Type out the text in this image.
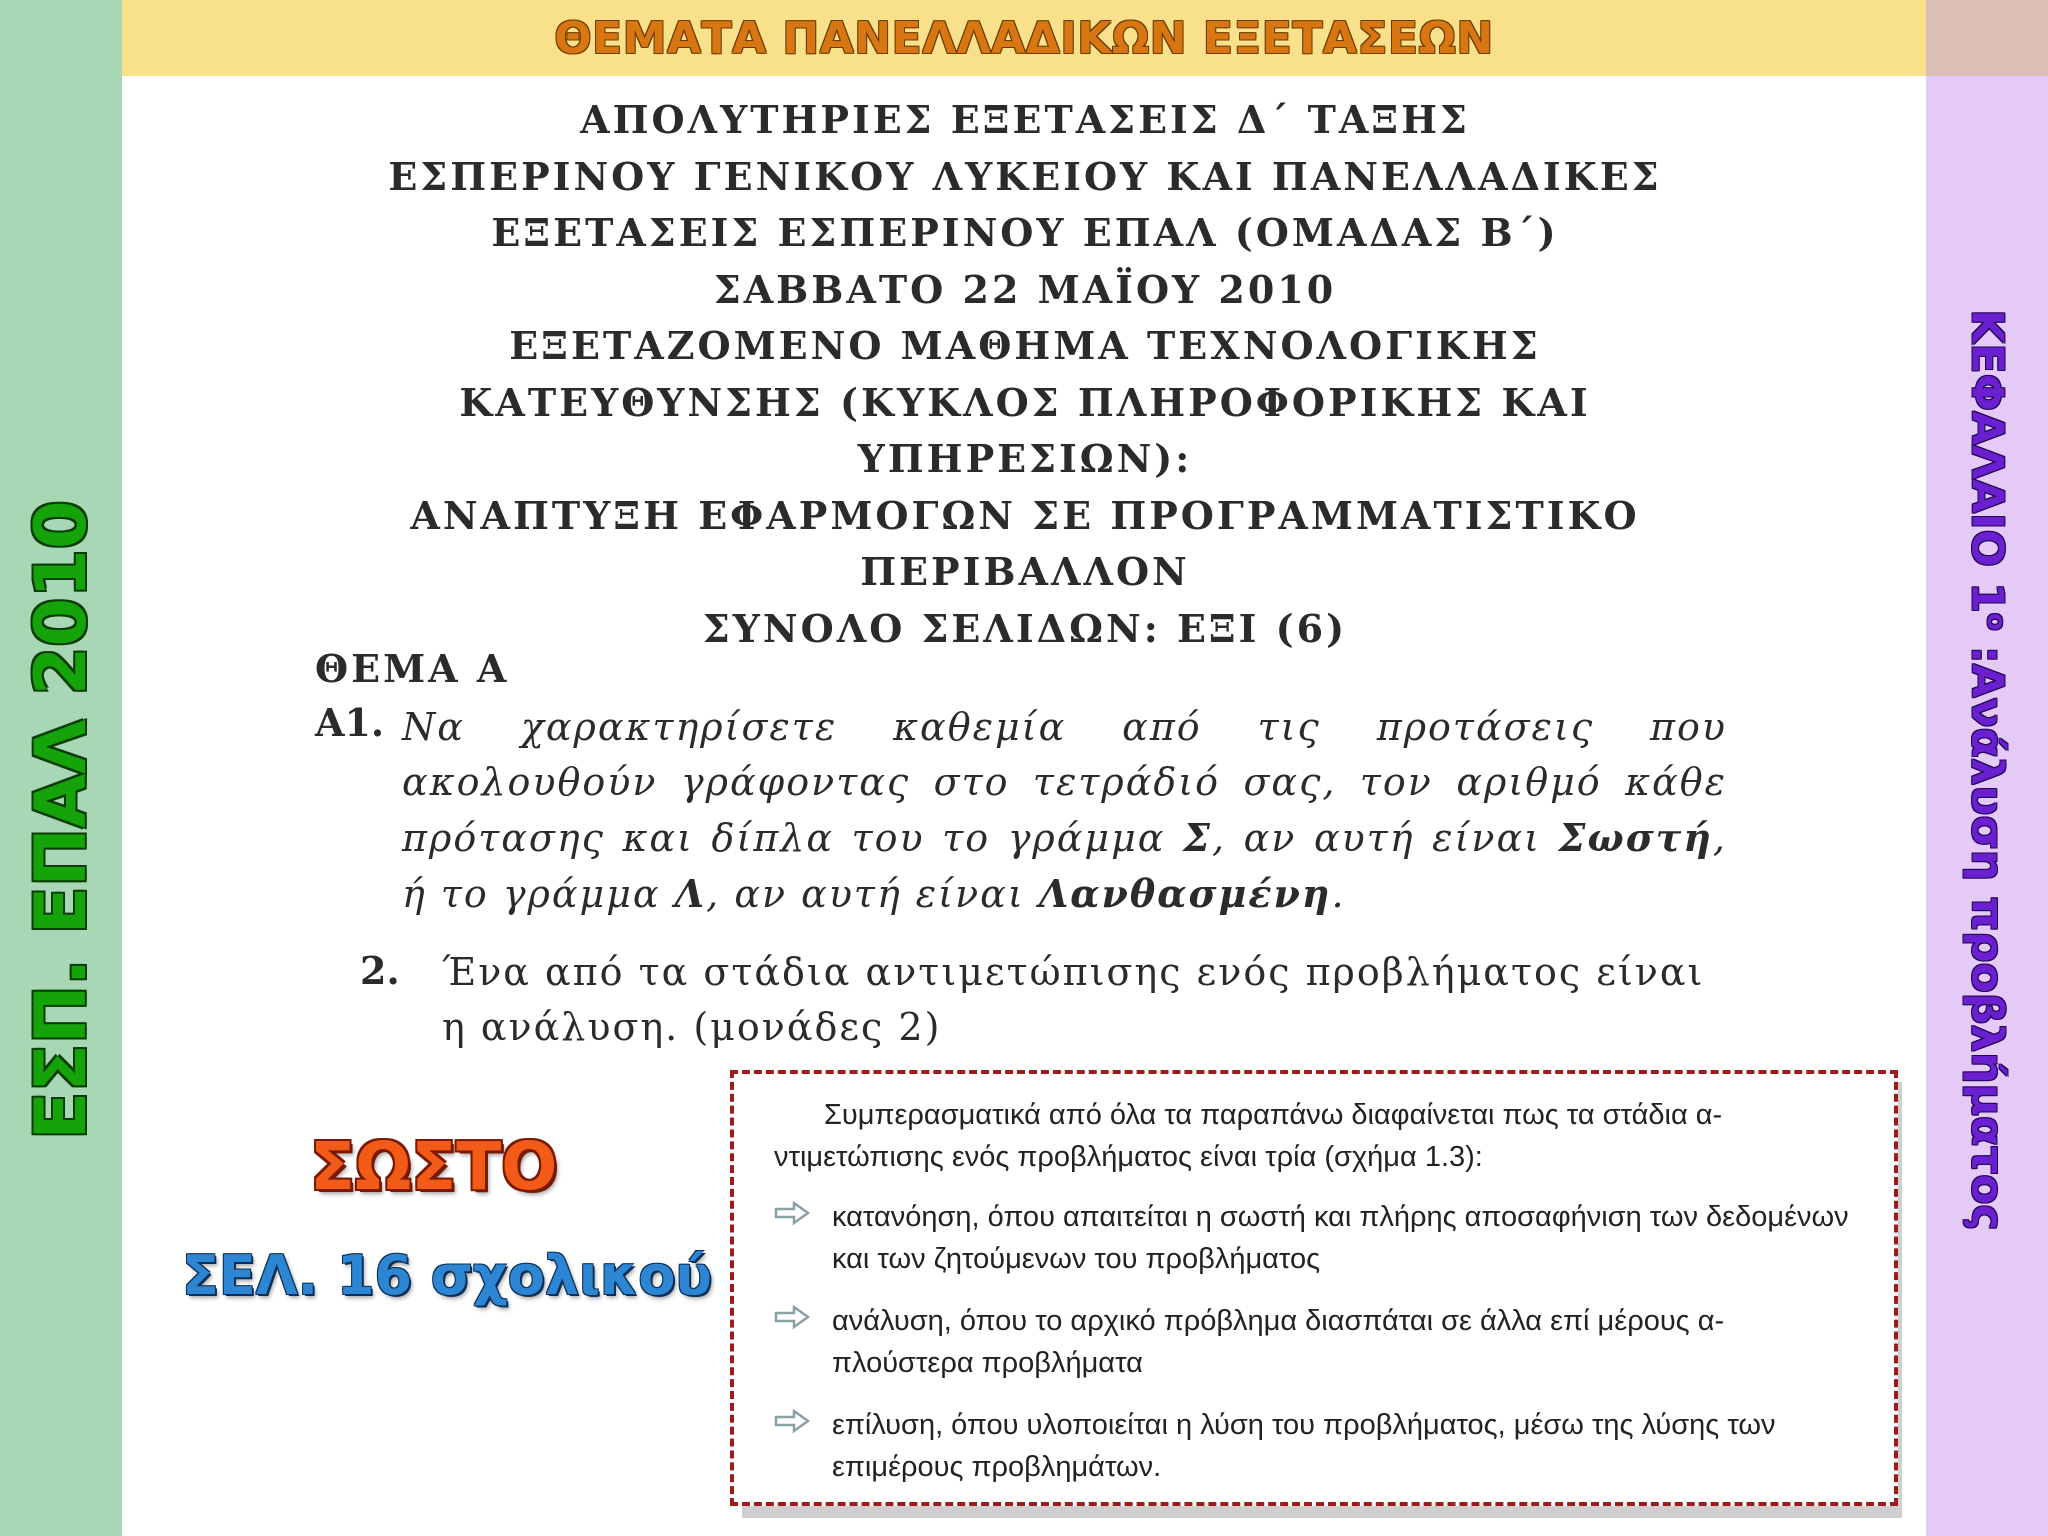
ΘΕΜΑΤΑ ΠΑΝΕΛΛΑΔΙΚΩΝ ΕΞΕΤΑΣΕΩΝ
ΕΣΠ. ΕΠΑΛ 2010
ΚΕΦΑΛΑΙΟ $1^o$ :Ανάλυση προβλήματος
ΑΠΟΛΥΤΗΡΙΕΣ ΕΞΕΤΑΣΕΙΣ Δ΄ ΤΑΞΗΣ
ΕΣΠΕΡΙΝΟΥ ΓΕΝΙΚΟΥ ΛΥΚΕΙΟΥ ΚΑΙ ΠΑΝΕΛΛΑΔΙΚΕΣ
ΕΞΕΤΑΣΕΙΣ ΕΣΠΕΡΙΝΟΥ ΕΠΑΛ (ΟΜΑΔΑΣ Β΄)
ΣΑΒΒΑΤΟ 22 ΜΑΪΟΥ 2010
ΕΞΕΤΑΖΟΜΕΝΟ ΜΑΘΗΜΑ ΤΕΧΝΟΛΟΓΙΚΗΣ
ΚΑΤΕΥΘΥΝΣΗΣ (ΚΥΚΛΟΣ ΠΛΗΡΟΦΟΡΙΚΗΣ ΚΑΙ
ΥΠΗΡΕΣΙΩΝ):
ΑΝΑΠΤΥΞΗ ΕΦΑΡΜΟΓΩΝ ΣΕ ΠΡΟΓΡΑΜΜΑΤΙΣΤΙΚΟ
ΠΕΡΙΒΑΛΛΟΝ
ΣΥΝΟΛΟ ΣΕΛΙΔΩΝ: ΕΞΙ (6)
ΘΕΜΑ Α
Α1. Να χαρακτηρίσετε καθεμία από τις προτάσεις που ακολουθούν γράφοντας στο τετράδιό σας, τον αριθμό κάθε πρότασης και δίπλα του το γράμμα Σ, αν αυτή είναι Σωστή, ή το γράμμα Λ, αν αυτή είναι Λανθασμένη.
2. Ένα από τα στάδια αντιμετώπισης ενός προβλήματος είναι η ανάλυση. (μονάδες 2)
ΣΩΣΤΟ
ΣΕΛ. 16 σχολικού
Συμπερασματικά από όλα τα παραπάνω διαφαίνεται πως τα στάδια α-ντιμετώπισης ενός προβλήματος είναι τρία (σχήμα 1.3):
κατανόηση, όπου απαιτείται η σωστή και πλήρης αποσαφήνιση των δεδομένων και των ζητούμενων του προβλήματος
ανάλυση, όπου το αρχικό πρόβλημα διασπάται σε άλλα επί μέρους α-πλούστερα προβλήματα
επίλυση, όπου υλοποιείται η λύση του προβλήματος, μέσω της λύσης των επιμέρους προβλημάτων.
